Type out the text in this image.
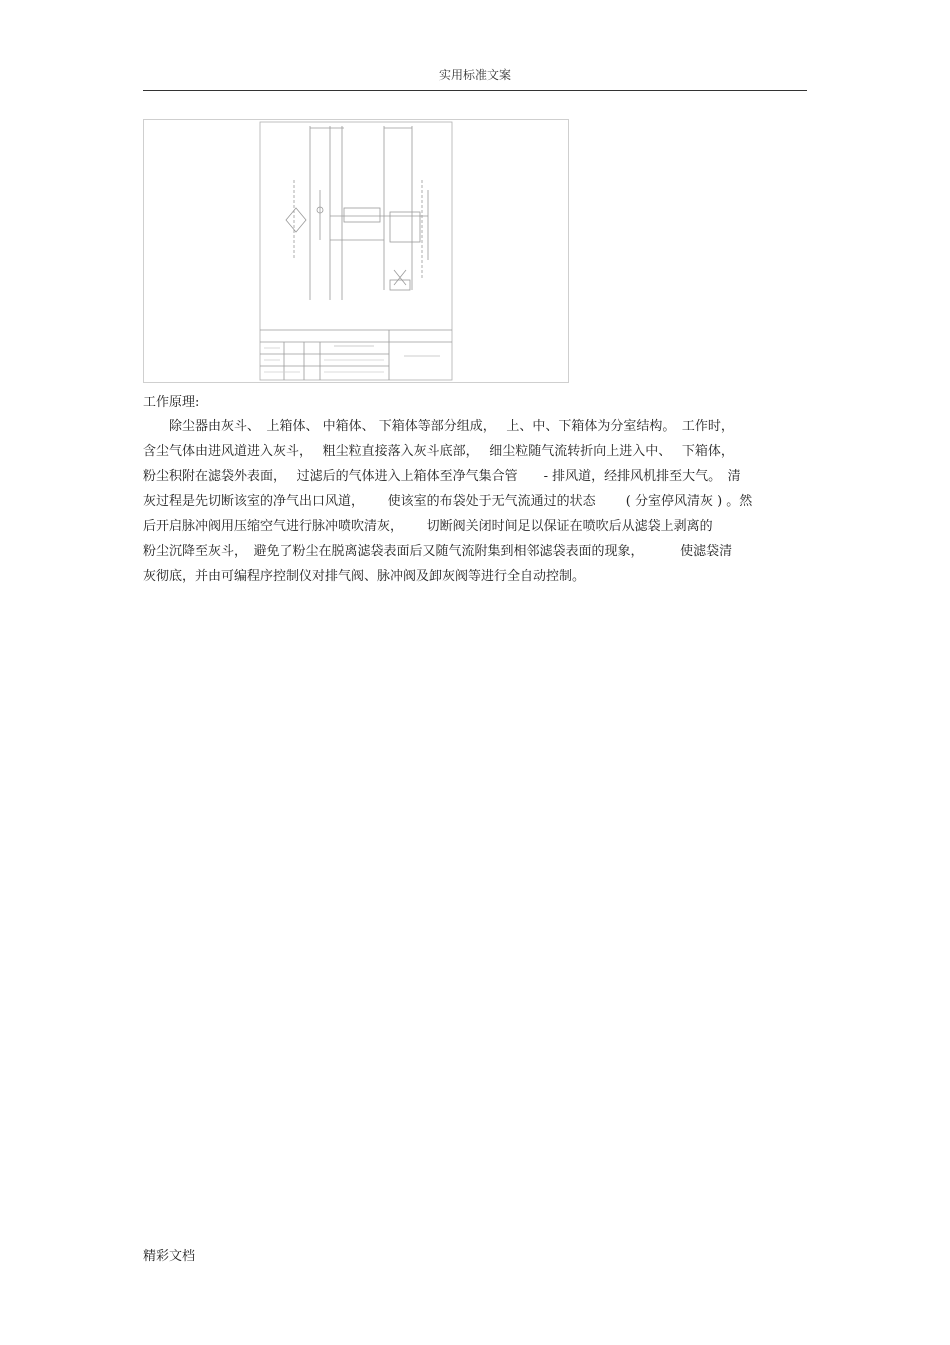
实用标准文案
工作原理:
　　除尘器由灰斗、　上箱体、 中箱体、 下箱体等部分组成，　 上、中、下箱体为分室结构。　工作时，
含尘气体由进风道进入灰斗，　 粗尘粒直接落入灰斗底部，　 细尘粒随气流转折向上进入中、　 下箱体，
粉尘积附在滤袋外表面，　 过滤后的气体进入上箱体至净气集合管　　- 排风道，经排风机排至大气。　清
灰过程是先切断该室的净气出口风道，　　 使该室的布袋处于无气流通过的状态　　 ( 分室停风清灰 ) 。然
后开启脉冲阀用压缩空气进行脉冲喷吹清灰，　　 切断阀关闭时间足以保证在喷吹后从滤袋上剥离的
粉尘沉降至灰斗，　避免了粉尘在脱离滤袋表面后又随气流附集到相邻滤袋表面的现象，　　　 使滤袋清
灰彻底，并由可编程序控制仪对排气阀、脉冲阀及卸灰阀等进行全自动控制。
精彩文档
